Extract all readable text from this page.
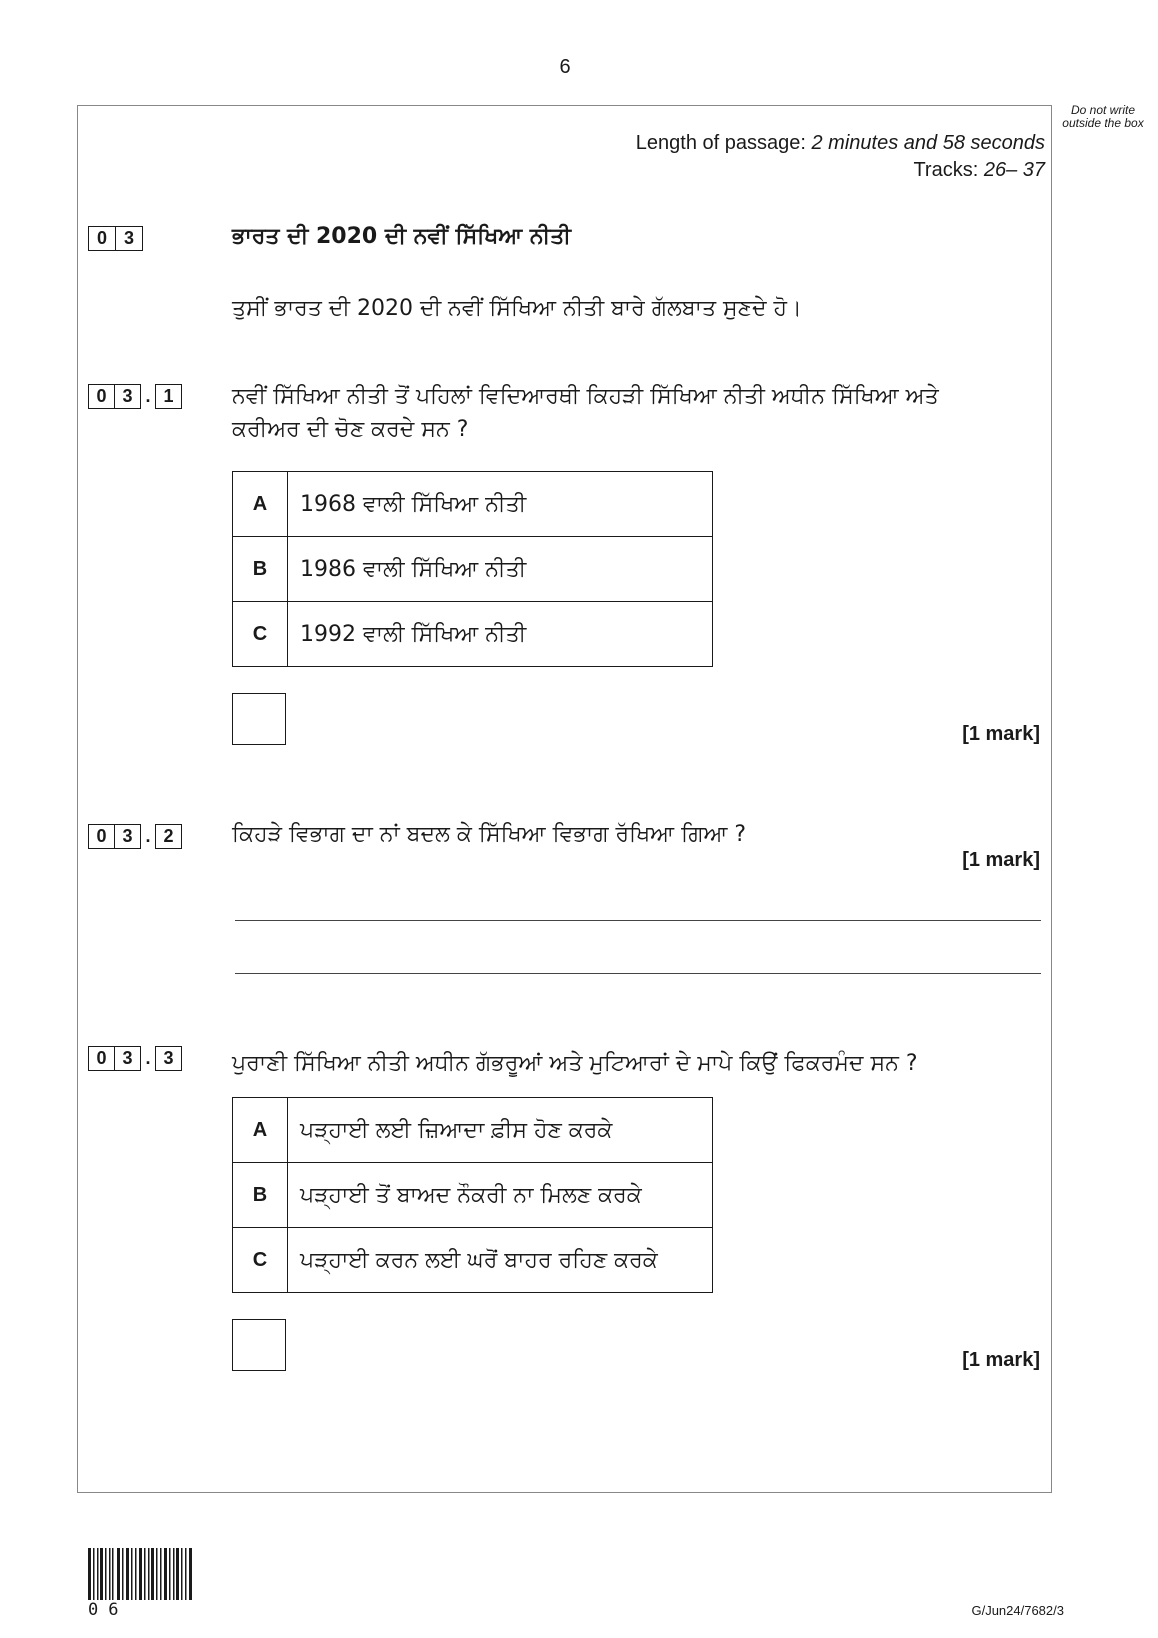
6
Do not write outside the box
Length of passage: 2 minutes and 58 seconds
Tracks: 26– 37
0 3	ਭਾਰਤ ਦੀ 2020 ਦੀ ਨਵੀਂ ਸਿੱਖਿਆ ਨੀਤੀ
ਤੁਸੀਂ ਭਾਰਤ ਦੀ 2020 ਦੀ ਨਵੀਂ ਸਿੱਖਿਆ ਨੀਤੀ ਬਾਰੇ ਗੱਲਬਾਤ ਸੁਣਦੇ ਹੋ।
0 3 . 1	ਨਵੀਂ ਸਿੱਖਿਆ ਨੀਤੀ ਤੋਂ ਪਹਿਲਾਂ ਵਿਦਿਆਰਥੀ ਕਿਹੜੀ ਸਿੱਖਿਆ ਨੀਤੀ ਅਧੀਨ ਸਿੱਖਿਆ ਅਤੇ
ਕਰੀਅਰ ਦੀ ਚੋਣ ਕਰਦੇ ਸਨ ?
A	1968 ਵਾਲੀ ਸਿੱਖਿਆ ਨੀਤੀ
B	1986 ਵਾਲੀ ਸਿੱਖਿਆ ਨੀਤੀ
C	1992 ਵਾਲੀ ਸਿੱਖਿਆ ਨੀਤੀ
[1 mark]
0 3 . 2	ਕਿਹੜੇ ਵਿਭਾਗ ਦਾ ਨਾਂ ਬਦਲ ਕੇ ਸਿੱਖਿਆ ਵਿਭਾਗ ਰੱਖਿਆ ਗਿਆ ?
[1 mark]
0 3 . 3	ਪੁਰਾਣੀ ਸਿੱਖਿਆ ਨੀਤੀ ਅਧੀਨ ਗੱਭਰੂਆਂ ਅਤੇ ਮੁਟਿਆਰਾਂ ਦੇ ਮਾਪੇ ਕਿਉਂ ਫਿਕਰਮੰਦ ਸਨ ?
A	ਪੜ੍ਹਾਈ ਲਈ ਜ਼ਿਆਦਾ ਫ਼ੀਸ ਹੋਣ ਕਰਕੇ
B	ਪੜ੍ਹਾਈ ਤੋਂ ਬਾਅਦ ਨੌਕਰੀ ਨਾ ਮਿਲਣ ਕਰਕੇ
C	ਪੜ੍ਹਾਈ ਕਰਨ ਲਈ ਘਰੋਂ ਬਾਹਰ ਰਹਿਣ ਕਰਕੇ
[1 mark]
06	G/Jun24/7682/3
